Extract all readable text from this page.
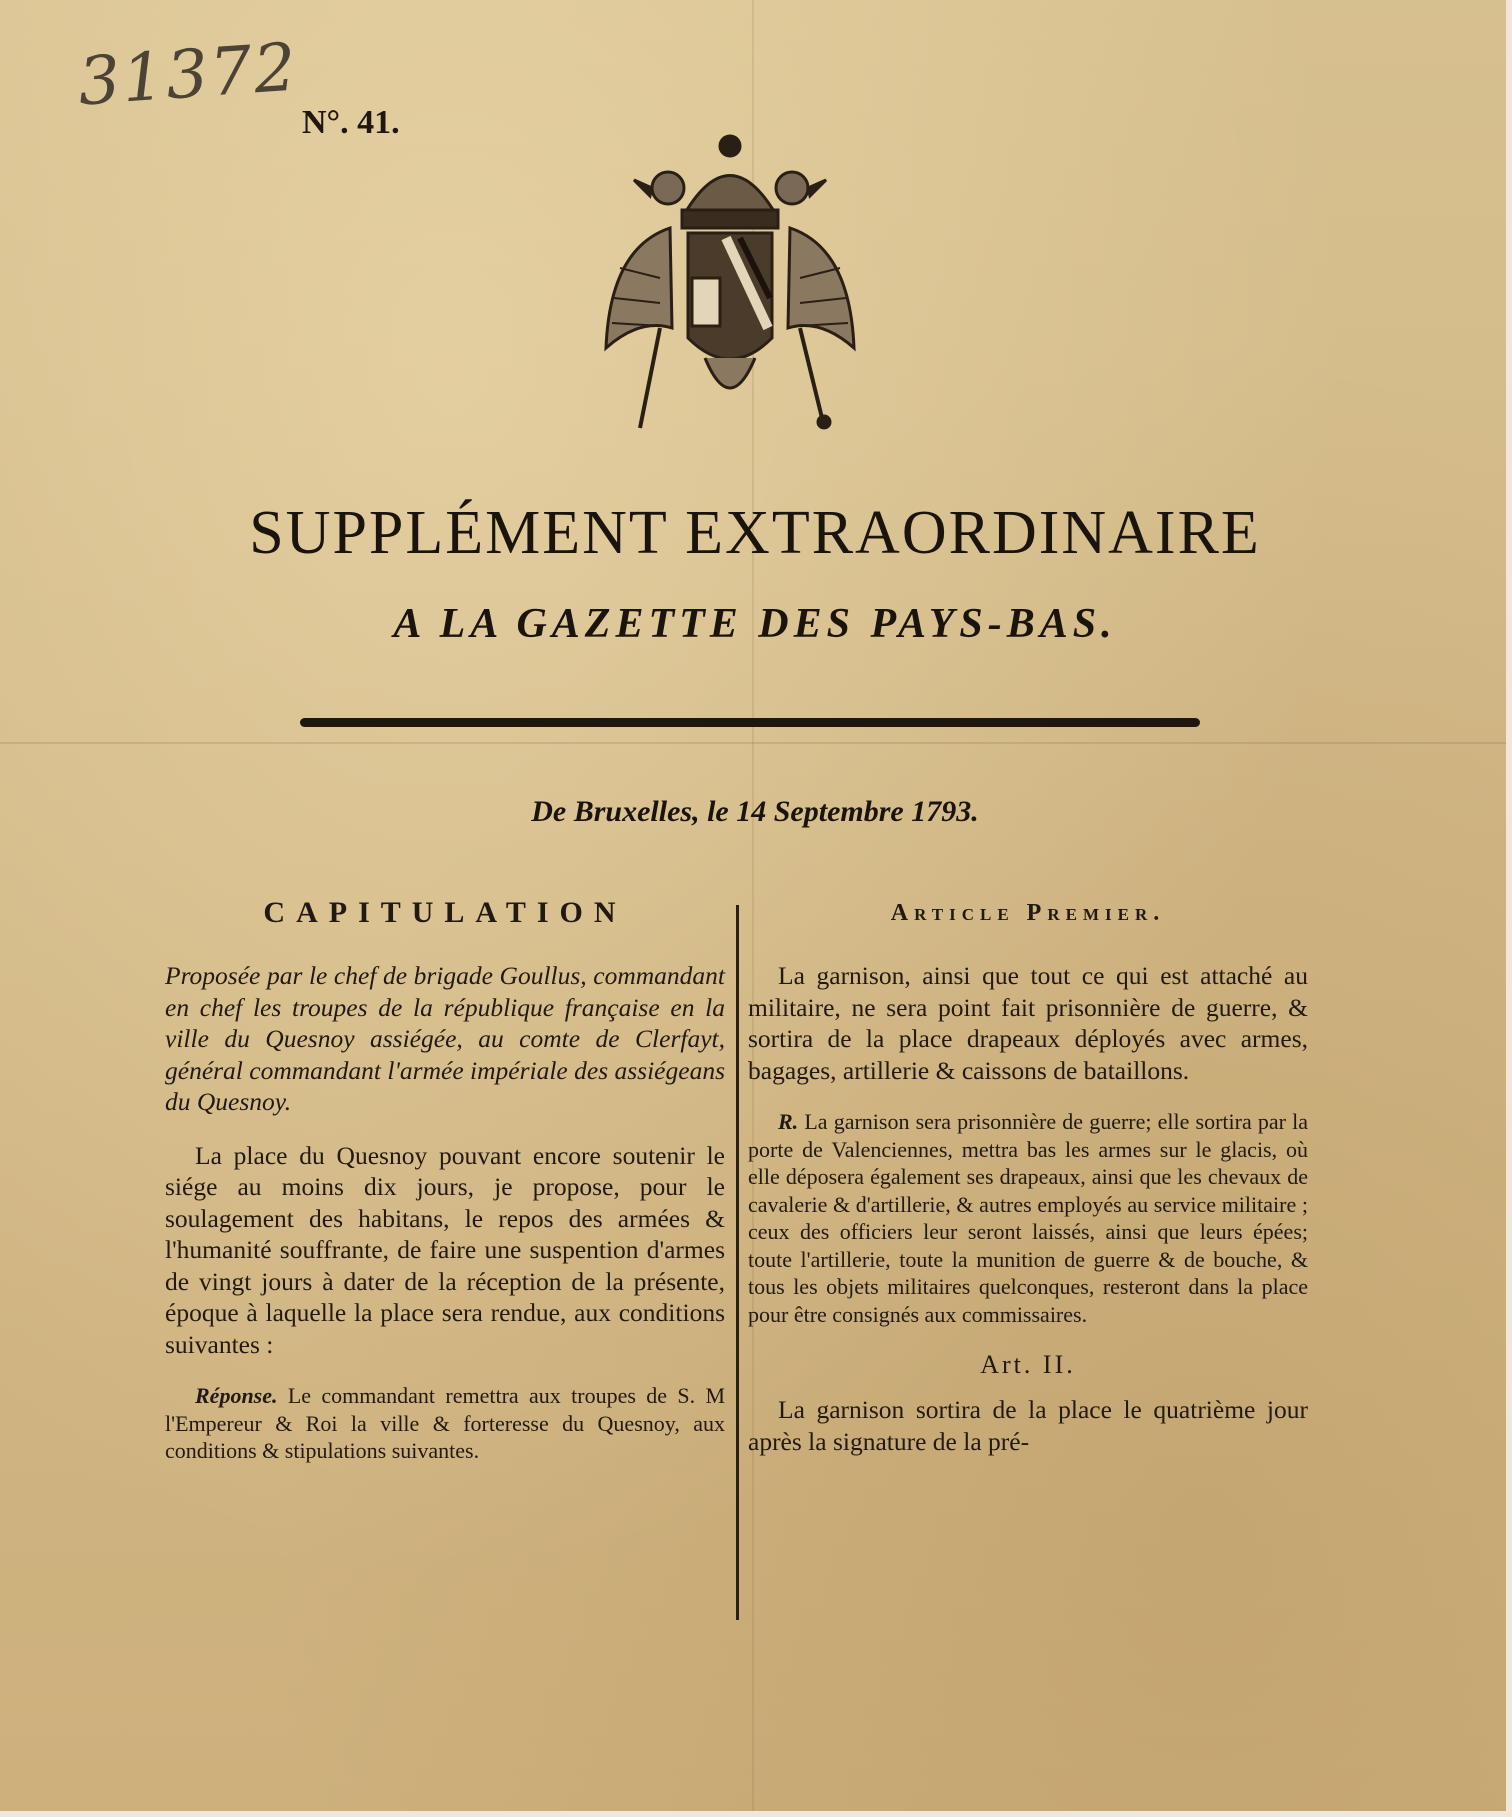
31372
N°. 41.
SUPPLÉMENT EXTRAORDINAIRE
A LA GAZETTE DES PAYS-BAS.
De Bruxelles, le 14 Septembre 1793.
CAPITULATION

Proposée par le chef de brigade Goullus, commandant en chef les troupes de la république française en la ville du Quesnoy assiégée, au comte de Clerfayt, général commandant l'armée impériale des assiégeans du Quesnoy.

La place du Quesnoy pouvant encore soutenir le siége au moins dix jours, je propose, pour le soulagement des habitans, le repos des armées & l'humanité souffrante, de faire une suspention d'armes de vingt jours à dater de la réception de la présente, époque à laquelle la place sera rendue, aux conditions suivantes :

Réponse. Le commandant remettra aux troupes de S. M l'Empereur & Roi la ville & forteresse du Quesnoy, aux conditions & stipulations suivantes.

Article Premier.

La garnison, ainsi que tout ce qui est attaché au militaire, ne sera point fait prisonnière de guerre, & sortira de la place drapeaux déployés avec armes, bagages, artillerie & caissons de bataillons.

R. La garnison sera prisonnière de guerre; elle sortira par la porte de Valenciennes, mettra bas les armes sur le glacis, où elle déposera également ses drapeaux, ainsi que les chevaux de cavalerie & d'artillerie, & autres employés au service militaire ; ceux des officiers leur seront laissés, ainsi que leurs épées; toute l'artillerie, toute la munition de guerre & de bouche, & tous les objets militaires quelconques, resteront dans la place pour être consignés aux commissaires.

Art. II.

La garnison sortira de la place le quatrième jour après la signature de la pré-
